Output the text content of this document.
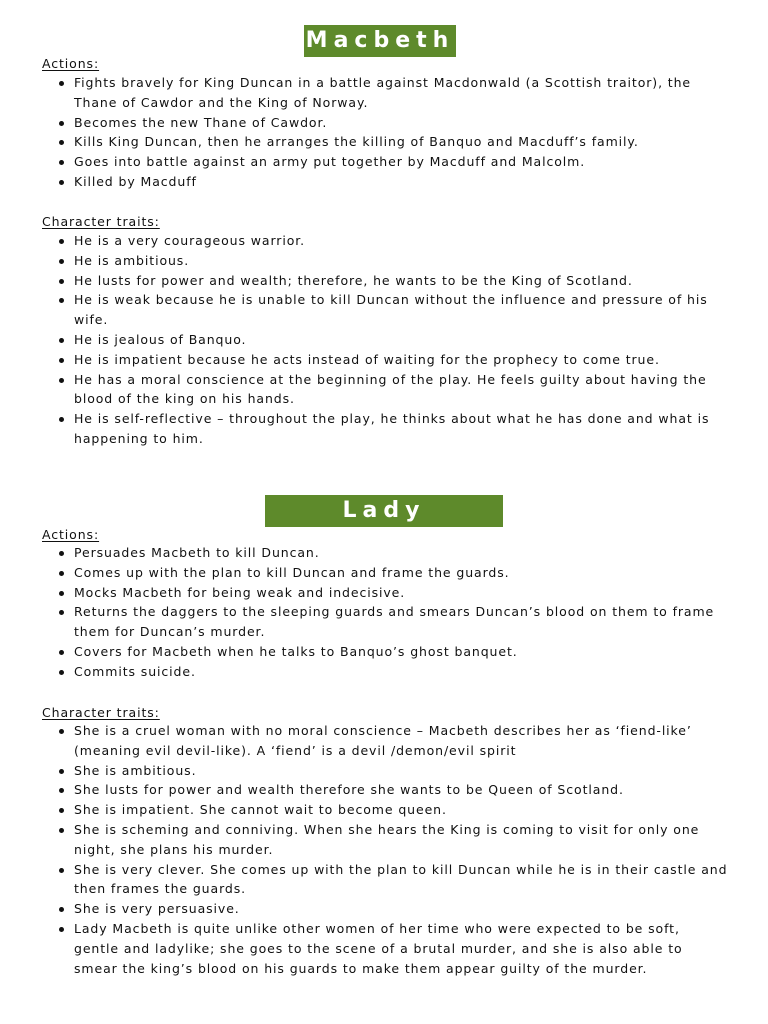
Macbeth
Actions:
Fights bravely for King Duncan in a battle against Macdonwald (a Scottish traitor), the Thane of Cawdor and the King of Norway.
Becomes the new Thane of Cawdor.
Kills King Duncan, then he arranges the killing of Banquo and Macduff’s family.
Goes into battle against an army put together by Macduff and Malcolm.
Killed by Macduff
Character traits:
He is a very courageous warrior.
He is ambitious.
He lusts for power and wealth; therefore, he wants to be the King of Scotland.
He is weak because he is unable to kill Duncan without the influence and pressure of his wife.
He is jealous of Banquo.
He is impatient because he acts instead of waiting for the prophecy to come true.
He has a moral conscience at the beginning of the play. He feels guilty about having the blood of the king on his hands.
He is self-reflective – throughout the play, he thinks about what he has done and what is happening to him.
Lady Macbeth
Actions:
Persuades Macbeth to kill Duncan.
Comes up with the plan to kill Duncan and frame the guards.
Mocks Macbeth for being weak and indecisive.
Returns the daggers to the sleeping guards and smears Duncan’s blood on them to frame them for Duncan’s murder.
Covers for Macbeth when he talks to Banquo’s ghost banquet.
Commits suicide.
Character traits:
She is a cruel woman with no moral conscience – Macbeth describes her as ‘fiend-like’ (meaning evil devil-like). A ‘fiend’ is a devil /demon/evil spirit
She is ambitious.
She lusts for power and wealth therefore she wants to be Queen of Scotland.
She is impatient. She cannot wait to become queen.
She is scheming and conniving. When she hears the King is coming to visit for only one night, she plans his murder.
She is very clever. She comes up with the plan to kill Duncan while he is in their castle and then frames the guards.
She is very persuasive.
Lady Macbeth is quite unlike other women of her time who were expected to be soft, gentle and ladylike; she goes to the scene of a brutal murder, and she is also able to smear the king’s blood on his guards to make them appear guilty of the murder.
